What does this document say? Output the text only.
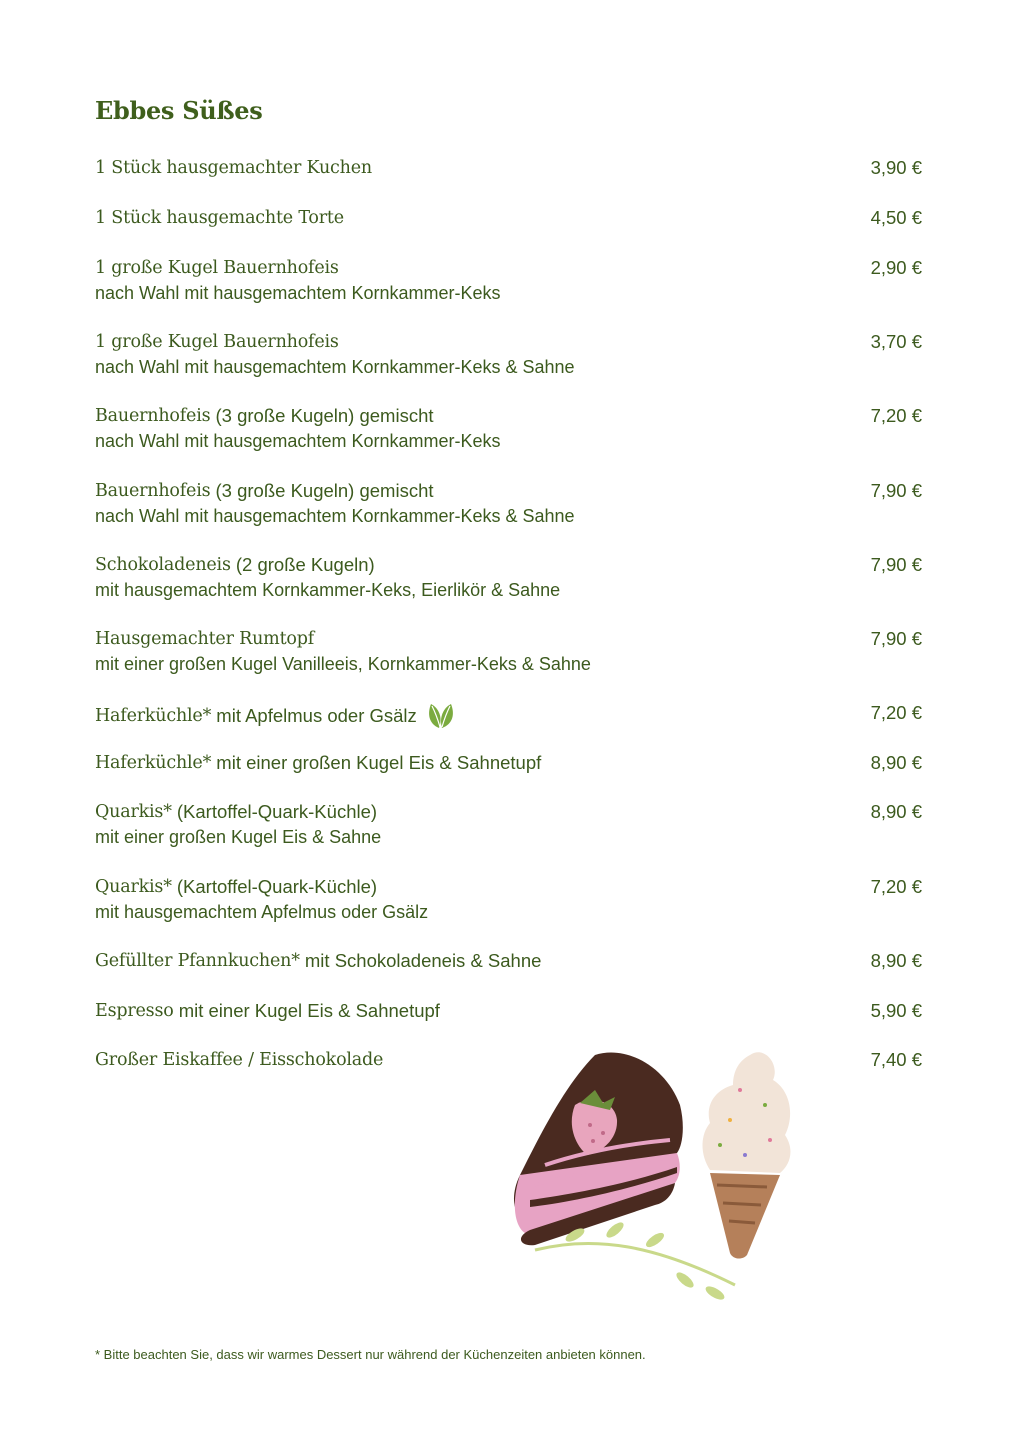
Ebbes Süßes
1 Stück hausgemachter Kuchen	3,90 €
1 Stück hausgemachte Torte	4,50 €
1 große Kugel Bauernhofeis	2,90 €
nach Wahl mit hausgemachtem Kornkammer-Keks
1 große Kugel Bauernhofeis	3,70 €
nach Wahl mit hausgemachtem Kornkammer-Keks & Sahne
Bauernhofeis (3 große Kugeln) gemischt	7,20 €
nach Wahl mit hausgemachtem Kornkammer-Keks
Bauernhofeis (3 große Kugeln) gemischt	7,90 €
nach Wahl mit hausgemachtem Kornkammer-Keks & Sahne
Schokoladeneis (2 große Kugeln)	7,90 €
mit hausgemachtem Kornkammer-Keks, Eierlikör & Sahne
Hausgemachter Rumtopf	7,90 €
mit einer großen Kugel Vanilleeis, Kornkammer-Keks & Sahne
Haferküchle* mit Apfelmus oder Gsälz	7,20 €
Haferküchle* mit einer großen Kugel Eis & Sahnetupf	8,90 €
Quarkis* (Kartoffel-Quark-Küchle)	8,90 €
mit einer großen Kugel Eis & Sahne
Quarkis* (Kartoffel-Quark-Küchle)	7,20 €
mit hausgemachtem Apfelmus oder Gsälz
Gefüllter Pfannkuchen* mit Schokoladeneis & Sahne	8,90 €
Espresso mit einer Kugel Eis & Sahnetupf	5,90 €
Großer Eiskaffee / Eisschokolade	7,40 €
* Bitte beachten Sie, dass wir warmes Dessert nur während der Küchenzeiten anbieten können.
